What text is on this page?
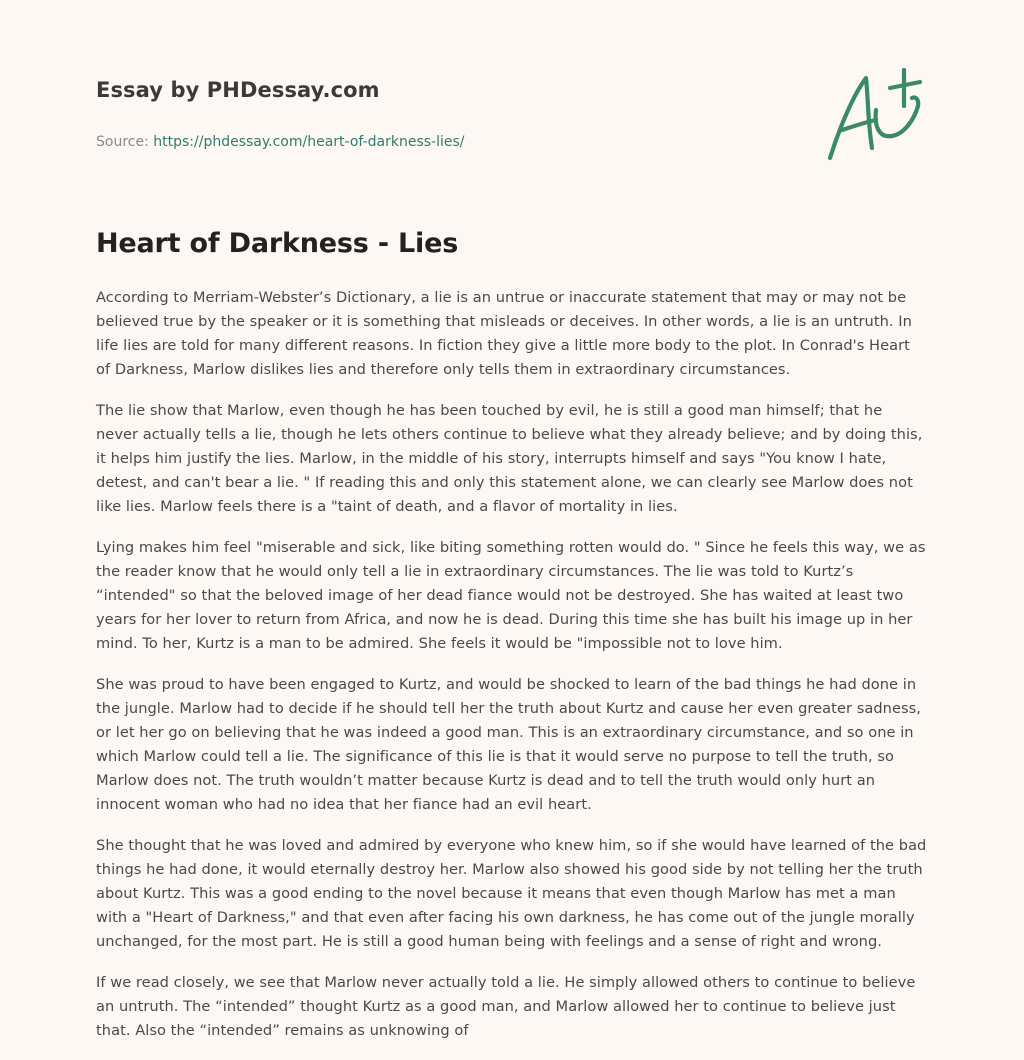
Essay by PHDessay.com
Source: https://phdessay.com/heart-of-darkness-lies/
Heart of Darkness - Lies

According to Merriam-Webster’s Dictionary, a lie is an untrue or inaccurate statement that may or may not be believed true by the speaker or it is something that misleads or deceives. In other words, a lie is an untruth. In life lies are told for many different reasons. In fiction they give a little more body to the plot. In Conrad's Heart of Darkness, Marlow dislikes lies and therefore only tells them in extraordinary circumstances.

The lie show that Marlow, even though he has been touched by evil, he is still a good man himself; that he never actually tells a lie, though he lets others continue to believe what they already believe; and by doing this, it helps him justify the lies. Marlow, in the middle of his story, interrupts himself and says "You know I hate, detest, and can't bear a lie. " If reading this and only this statement alone, we can clearly see Marlow does not like lies. Marlow feels there is a "taint of death, and a flavor of mortality in lies.

Lying makes him feel "miserable and sick, like biting something rotten would do. " Since he feels this way, we as the reader know that he would only tell a lie in extraordinary circumstances. The lie was told to Kurtz’s “intended" so that the beloved image of her dead fiance would not be destroyed. She has waited at least two years for her lover to return from Africa, and now he is dead. During this time she has built his image up in her mind. To her, Kurtz is a man to be admired. She feels it would be "impossible not to love him.

She was proud to have been engaged to Kurtz, and would be shocked to learn of the bad things he had done in the jungle. Marlow had to decide if he should tell her the truth about Kurtz and cause her even greater sadness, or let her go on believing that he was indeed a good man. This is an extraordinary circumstance, and so one in which Marlow could tell a lie. The significance of this lie is that it would serve no purpose to tell the truth, so Marlow does not. The truth wouldn’t matter because Kurtz is dead and to tell the truth would only hurt an innocent woman who had no idea that her fiance had an evil heart.

She thought that he was loved and admired by everyone who knew him, so if she would have learned of the bad things he had done, it would eternally destroy her. Marlow also showed his good side by not telling her the truth about Kurtz. This was a good ending to the novel because it means that even though Marlow has met a man with a "Heart of Darkness," and that even after facing his own darkness, he has come out of the jungle morally unchanged, for the most part. He is still a good human being with feelings and a sense of right and wrong.

If we read closely, we see that Marlow never actually told a lie. He simply allowed others to continue to believe an untruth. The “intended” thought Kurtz as a good man, and Marlow allowed her to continue to believe just that. Also the “intended” remains as unknowing of
